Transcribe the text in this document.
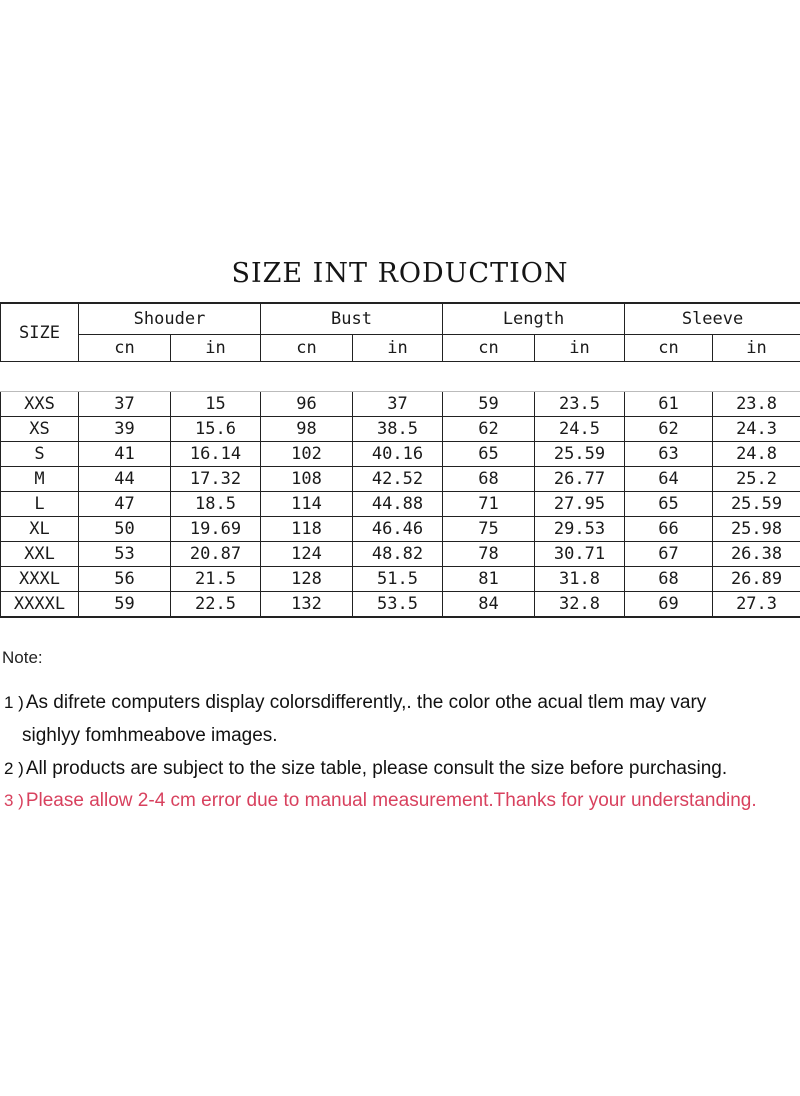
SIZE INT RODUCTION
SIZE	Shouder		Bust		Length		Sleeve	
	cn	in	cn	in	cn	in	cn	in

XXS	37	15	96	37	59	23.5	61	23.8
XS	39	15.6	98	38.5	62	24.5	62	24.3
S	41	16.14	102	40.16	65	25.59	63	24.8
M	44	17.32	108	42.52	68	26.77	64	25.2
L	47	18.5	114	44.88	71	27.95	65	25.59
XL	50	19.69	118	46.46	75	29.53	66	25.98
XXL	53	20.87	124	48.82	78	30.71	67	26.38
XXXL	56	21.5	128	51.5	81	31.8	68	26.89
XXXXL	59	22.5	132	53.5	84	32.8	69	27.3
Note:
1 ) As difrete computers display colorsdifferently,. the color othe acual tlem may vary
sighlyy fomhmeabove images.
2 ) All products are subject to the size table, please consult the size before purchasing.
3 ) Please allow 2-4 cm error due to manual measurement.Thanks for your understanding.
